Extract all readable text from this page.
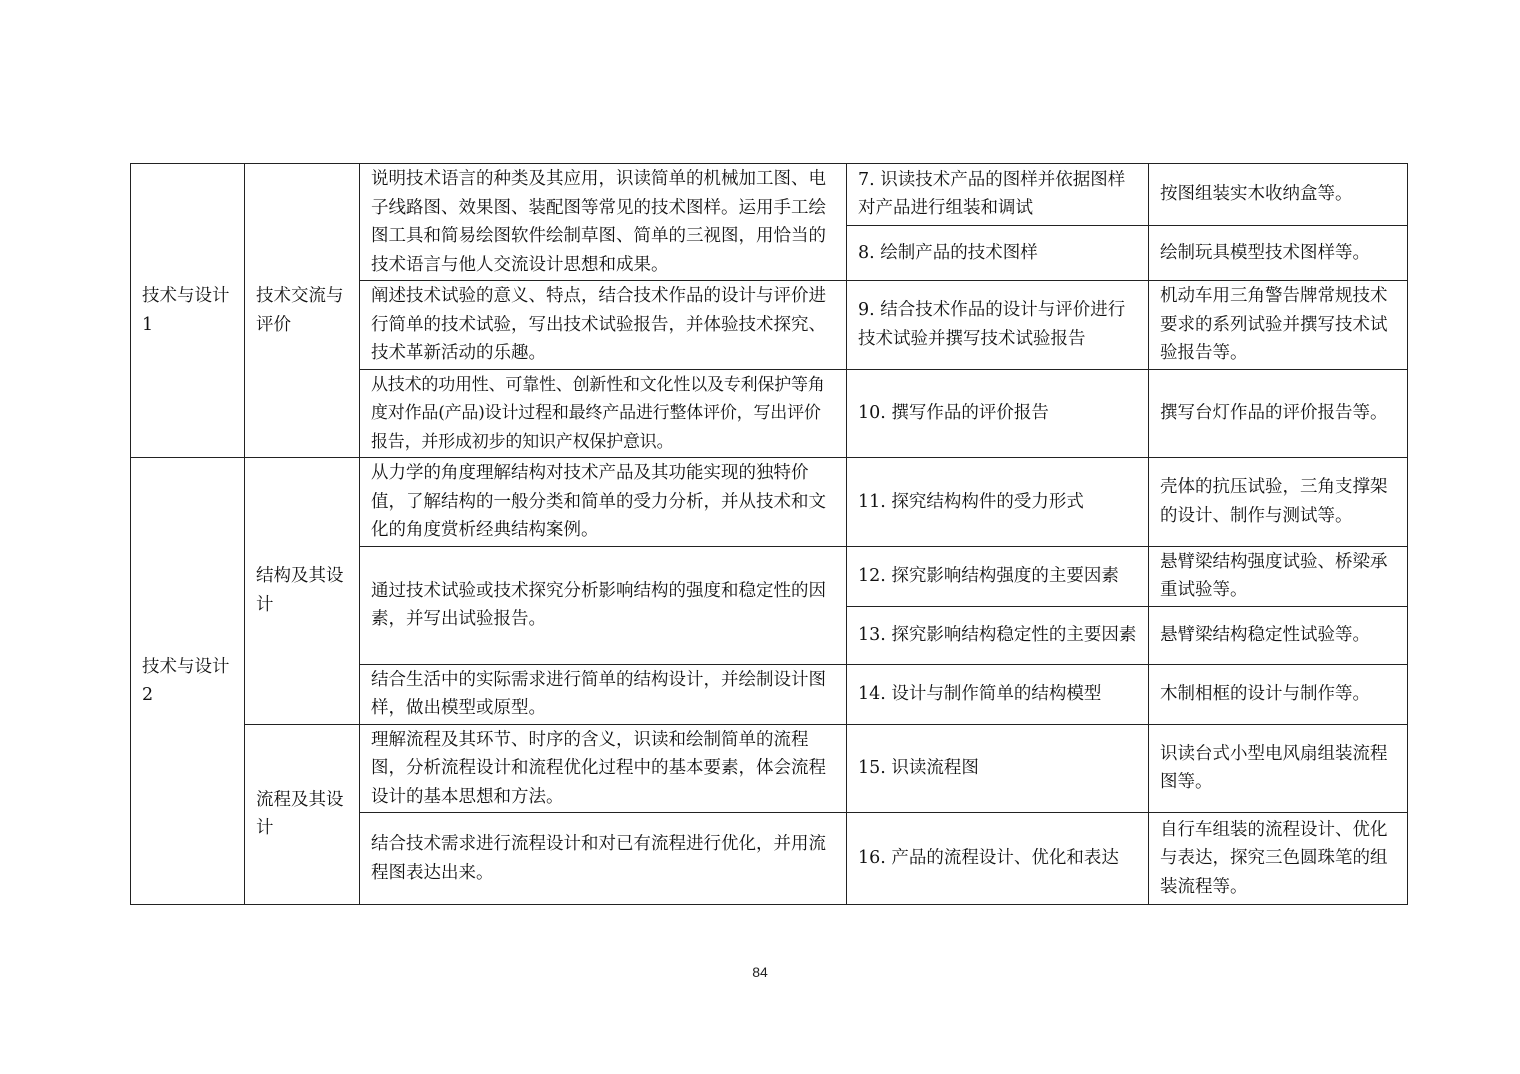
技术与设计 1	技术交流与评价	说明技术语言的种类及其应用，识读简单的机械加工图、电子线路图、效果图、装配图等常见的技术图样。运用手工绘图工具和简易绘图软件绘制草图、简单的三视图，用恰当的技术语言与他人交流设计思想和成果。	7. 识读技术产品的图样并依据图样对产品进行组装和调试	按图组装实木收纳盒等。
			8. 绘制产品的技术图样	绘制玩具模型技术图样等。
		阐述技术试验的意义、特点，结合技术作品的设计与评价进行简单的技术试验，写出技术试验报告，并体验技术探究、技术革新活动的乐趣。	9. 结合技术作品的设计与评价进行技术试验并撰写技术试验报告	机动车用三角警告牌常规技术要求的系列试验并撰写技术试验报告等。
		从技术的功用性、可靠性、创新性和文化性以及专利保护等角度对作品(产品)设计过程和最终产品进行整体评价，写出评价报告，并形成初步的知识产权保护意识。	10. 撰写作品的评价报告	撰写台灯作品的评价报告等。
技术与设计 2	结构及其设计	从力学的角度理解结构对技术产品及其功能实现的独特价值，了解结构的一般分类和简单的受力分析，并从技术和文化的角度赏析经典结构案例。	11. 探究结构构件的受力形式	壳体的抗压试验，三角支撑架的设计、制作与测试等。
		通过技术试验或技术探究分析影响结构的强度和稳定性的因素，并写出试验报告。	12. 探究影响结构强度的主要因素	悬臂梁结构强度试验、桥梁承重试验等。
			13. 探究影响结构稳定性的主要因素	悬臂梁结构稳定性试验等。
		结合生活中的实际需求进行简单的结构设计，并绘制设计图样，做出模型或原型。	14. 设计与制作简单的结构模型	木制相框的设计与制作等。
	流程及其设计	理解流程及其环节、时序的含义，识读和绘制简单的流程图，分析流程设计和流程优化过程中的基本要素，体会流程设计的基本思想和方法。	15. 识读流程图	识读台式小型电风扇组装流程图等。
		结合技术需求进行流程设计和对已有流程进行优化，并用流程图表达出来。	16. 产品的流程设计、优化和表达	自行车组装的流程设计、优化与表达，探究三色圆珠笔的组装流程等。
84
